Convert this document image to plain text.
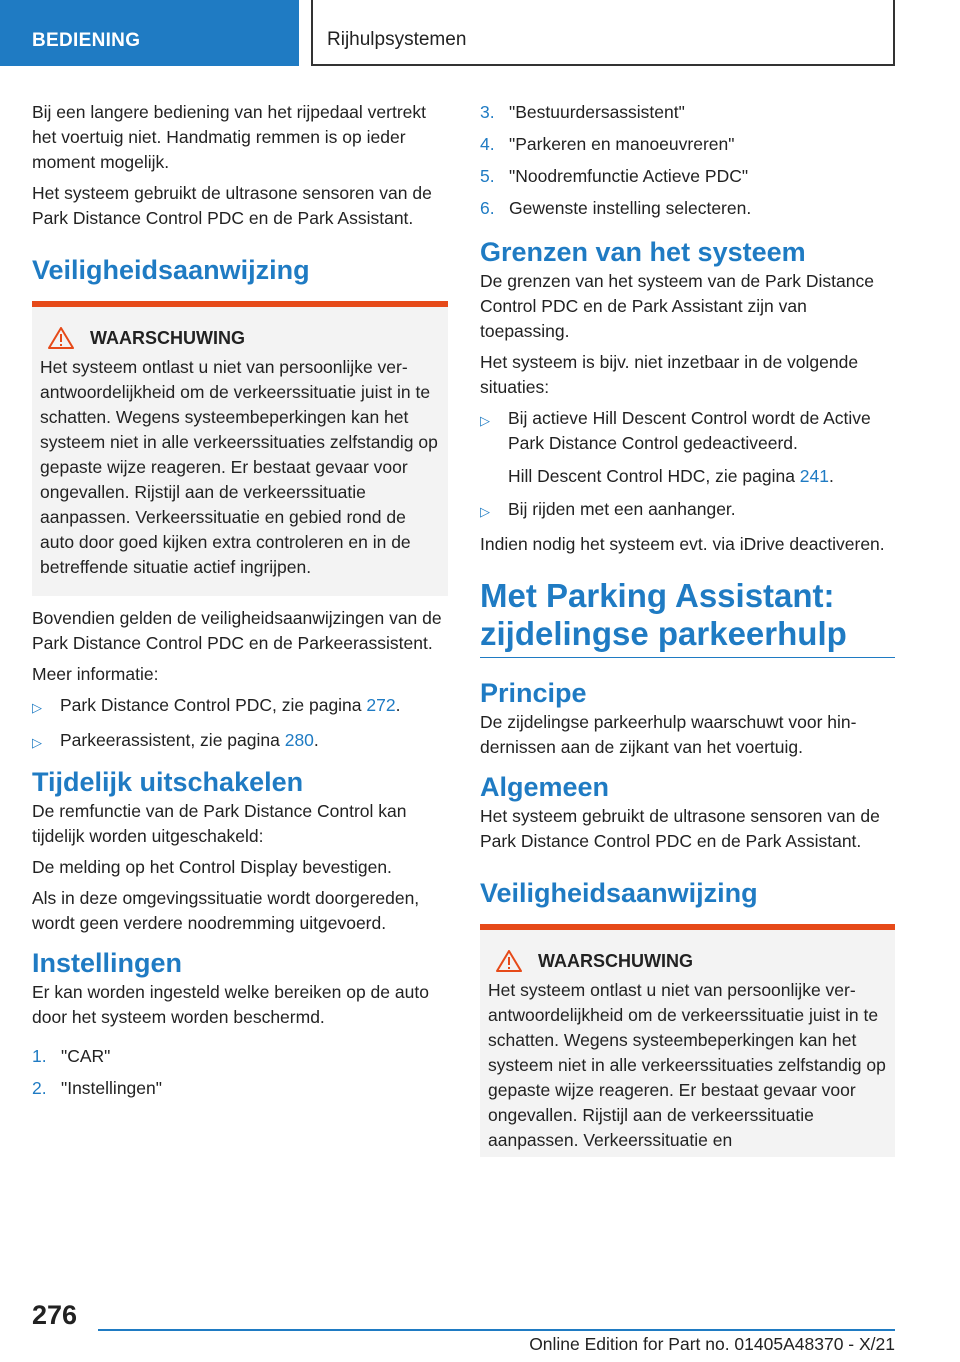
BEDIENING	Rijhulpsystemen

Bij een langere bediening van het rijpedaal vertrekt het voertuig niet. Handmatig remmen is op ieder moment mogelijk.

Het systeem gebruikt de ultrasone sensoren van de Park Distance Control PDC en de Park Assistant.

Veiligheidsaanwijzing
WAARSCHUWING
Het systeem ontlast u niet van persoonlijke verantwoordelijkheid om de verkeerssituatie juist in te schatten. Wegens systeembeperkingen kan het systeem niet in alle verkeerssituaties zelfstandig op gepaste wijze reageren. Er bestaat gevaar voor ongevallen. Rijstijl aan de verkeerssituatie aanpassen. Verkeerssituatie en gebied rond de auto door goed kijken extra controleren en in de betreffende situatie actief ingrijpen.

Bovendien gelden de veiligheidsaanwijzingen van de Park Distance Control PDC en de Parkeerassistent.

Meer informatie:

▷	Park Distance Control PDC, zie pagina 272.
▷	Parkeerassistent, zie pagina 280.
Tijdelijk uitschakelen

De remfunctie van de Park Distance Control kan tijdelijk worden uitgeschakeld:

De melding op het Control Display bevestigen.

Als in deze omgevingssituatie wordt doorgereden, wordt geen verdere noodremming uitgevoerd.

Instellingen

Er kan worden ingesteld welke bereiken op de auto door het systeem worden beschermd.

1. "CAR"
2. "Instellingen"
3. "Bestuurdersassistent"
4. "Parkeren en manoeuvreren"
5. "Noodremfunctie Actieve PDC"
6. Gewenste instelling selecteren.
Grenzen van het systeem

De grenzen van het systeem van de Park Distance Control PDC en de Park Assistant zijn van toepassing.

Het systeem is bijv. niet inzetbaar in de volgende situaties:

▷	Bij actieve Hill Descent Control wordt de Active Park Distance Control gedeactiveerd.
Hill Descent Control HDC, zie pagina 241.
▷	Bij rijden met een aanhanger.

Indien nodig het systeem evt. via iDrive deactiveren.

Met Parking Assistant: zijdelingse parkeerhulp
Principe

De zijdelingse parkeerhulp waarschuwt voor hindernissen aan de zijkant van het voertuig.

Algemeen

Het systeem gebruikt de ultrasone sensoren van de Park Distance Control PDC en de Park Assistant.

Veiligheidsaanwijzing
WAARSCHUWING
Het systeem ontlast u niet van persoonlijke verantwoordelijkheid om de verkeerssituatie juist in te schatten. Wegens systeembeperkingen kan het systeem niet in alle verkeerssituaties zelfstandig op gepaste wijze reageren. Er bestaat gevaar voor ongevallen. Rijstijl aan de verkeerssituatie aanpassen. Verkeerssituatie en
276
Online Edition for Part no. 01405A48370 - X/21
